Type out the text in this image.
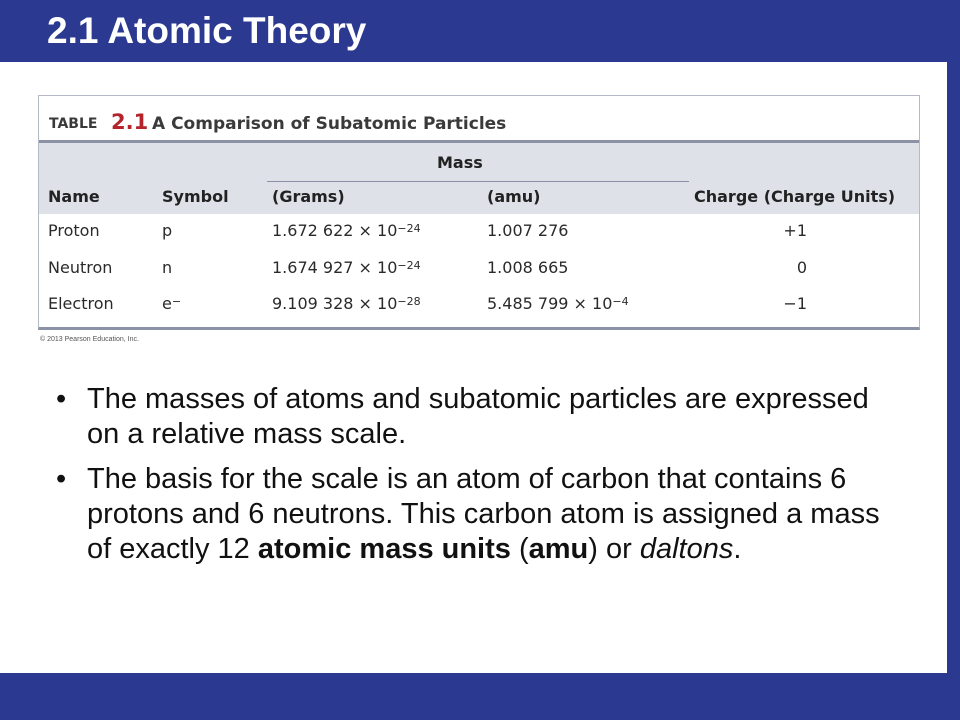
2.1 Atomic Theory
TABLE 2.1 A Comparison of Subatomic Particles
Mass
Name	Symbol	(Grams)	(amu)	Charge (Charge Units)
Proton	p	1.672 $622 \times 10^{-24}$	1.007 276	+1
Neutron	n	1.674 $927 \times 10^{-24}$	1.008 665	0
Electron	e−	9.109 $328 \times 10^{-28}$	5.485 $799 \times 10^{-4}$	−1
© 2013 Pearson Education, Inc.
• The masses of atoms and subatomic particles are expressed on a relative mass scale.
• The basis for the scale is an atom of carbon that contains 6 protons and 6 neutrons. This carbon atom is assigned a mass of exactly 12 atomic mass units (amu) or daltons.
